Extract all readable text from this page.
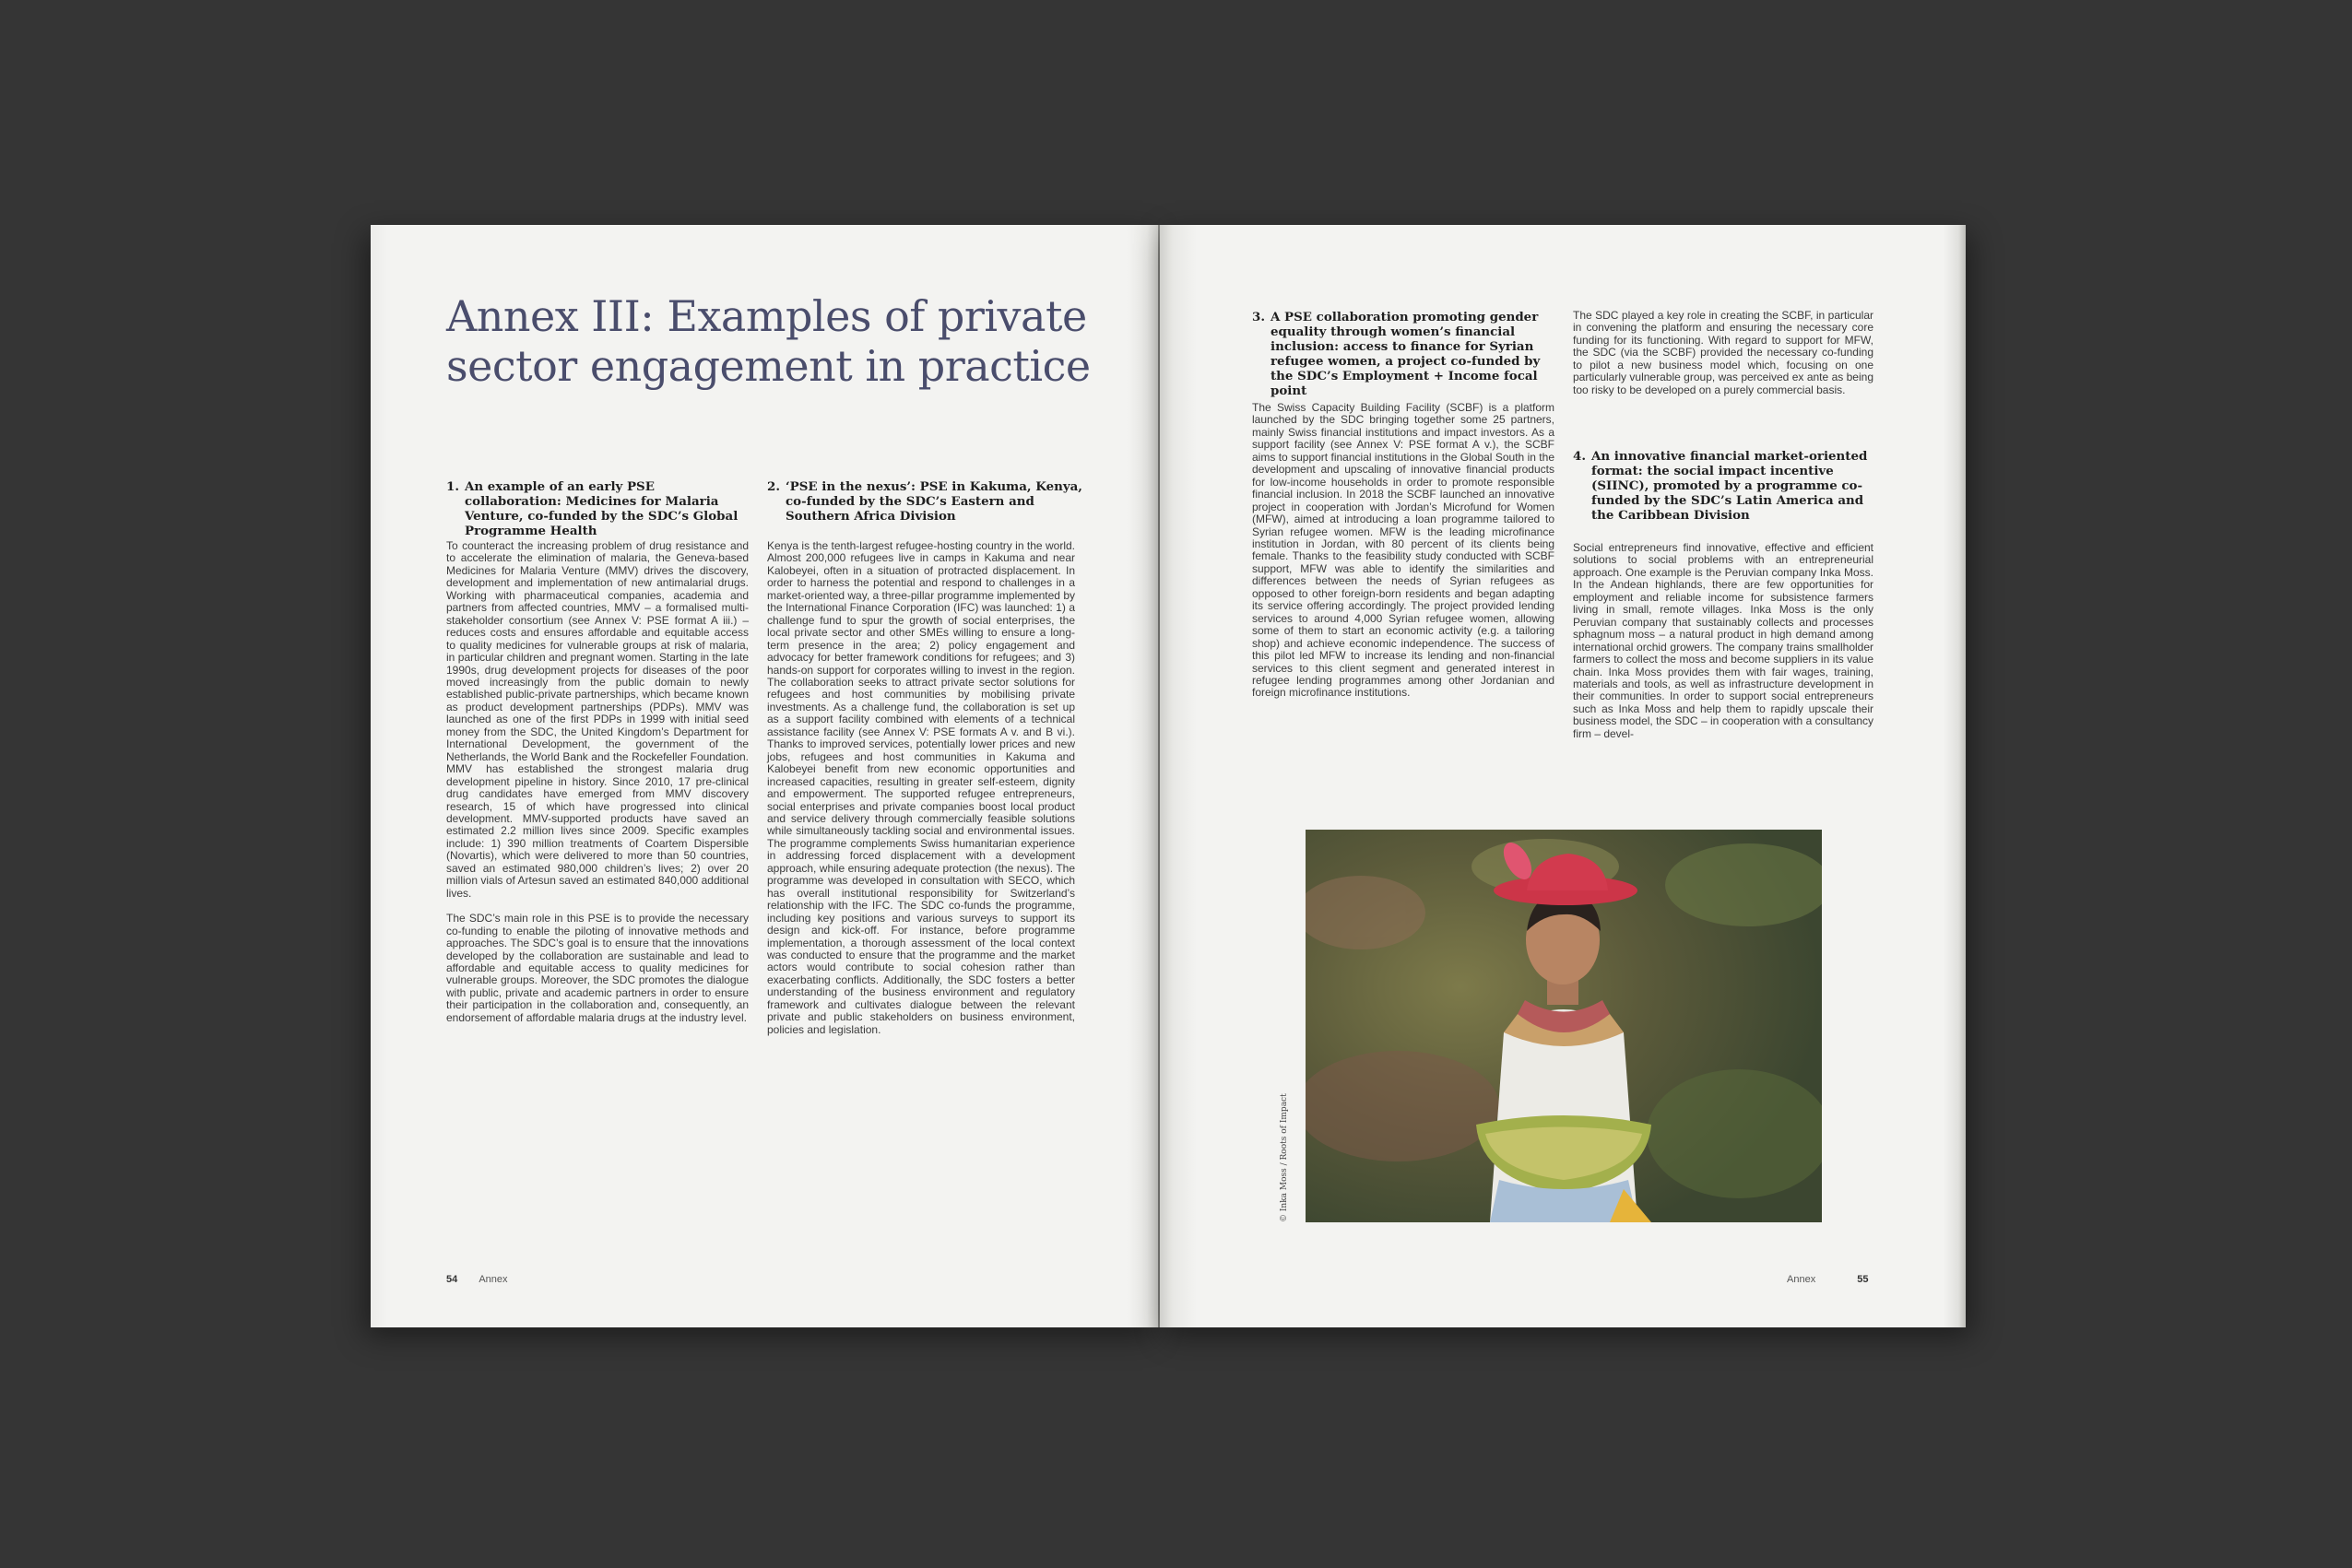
Annex III: Examples of private sector engagement in practice
1. An example of an early PSE collaboration: Medicines for Malaria Venture, co-funded by the SDC’s Global Programme Health

To counteract the increasing problem of drug resistance and to accelerate the elimination of malaria, the Geneva-based Medicines for Malaria Venture (MMV) drives the discovery, development and implementation of new antimalarial drugs. Working with pharmaceutical companies, academia and partners from affected countries, MMV – a formalised multi-stakeholder consortium (see Annex V: PSE format A iii.) – reduces costs and ensures affordable and equitable access to quality medicines for vulnerable groups at risk of malaria, in particular children and pregnant women. Starting in the late 1990s, drug development projects for diseases of the poor moved increasingly from the public domain to newly established public-private partnerships, which became known as product development partnerships (PDPs). MMV was launched as one of the first PDPs in 1999 with initial seed money from the SDC, the United Kingdom’s Department for International Development, the government of the Netherlands, the World Bank and the Rockefeller Foundation. MMV has established the strongest malaria drug development pipeline in history. Since 2010, 17 pre-clinical drug candidates have emerged from MMV discovery research, 15 of which have progressed into clinical development. MMV-supported products have saved an estimated 2.2 million lives since 2009. Specific examples include: 1) 390 million treatments of Coartem Dispersible (Novartis), which were delivered to more than 50 countries, saved an estimated 980,000 children’s lives; 2) over 20 million vials of Artesun saved an estimated 840,000 additional lives.

The SDC’s main role in this PSE is to provide the necessary co-funding to enable the piloting of innovative methods and approaches. The SDC’s goal is to ensure that the innovations developed by the collaboration are sustainable and lead to affordable and equitable access to quality medicines for vulnerable groups. Moreover, the SDC promotes the dialogue with public, private and academic partners in order to ensure their participation in the collaboration and, consequently, an endorsement of affordable malaria drugs at the industry level.

2. ‘PSE in the nexus’: PSE in Kakuma, Kenya, co-funded by the SDC’s Eastern and Southern Africa Division

Kenya is the tenth-largest refugee-hosting country in the world. Almost 200,000 refugees live in camps in Kakuma and near Kalobeyei, often in a situation of protracted displacement. In order to harness the potential and respond to challenges in a market-oriented way, a three-pillar programme implemented by the International Finance Corporation (IFC) was launched: 1) a challenge fund to spur the growth of social enterprises, the local private sector and other SMEs willing to ensure a long-term presence in the area; 2) policy engagement and advocacy for better framework conditions for refugees; and 3) hands-on support for corporates willing to invest in the region. The collaboration seeks to attract private sector solutions for refugees and host communities by mobilising private investments. As a challenge fund, the collaboration is set up as a support facility combined with elements of a technical assistance facility (see Annex V: PSE formats A v. and B vi.). Thanks to improved services, potentially lower prices and new jobs, refugees and host communities in Kakuma and Kalobeyei benefit from new economic opportunities and increased capacities, resulting in greater self-esteem, dignity and empowerment. The supported refugee entrepreneurs, social enterprises and private companies boost local product and service delivery through commercially feasible solutions while simultaneously tackling social and environmental issues. The programme complements Swiss humanitarian experience in addressing forced displacement with a development approach, while ensuring adequate protection (the nexus). The programme was developed in consultation with SECO, which has overall institutional responsibility for Switzerland’s relationship with the IFC. The SDC co-funds the programme, including key positions and various surveys to support its design and kick-off. For instance, before programme implementation, a thorough assessment of the local context was conducted to ensure that the programme and the market actors would contribute to social cohesion rather than exacerbating conflicts. Additionally, the SDC fosters a better understanding of the business environment and regulatory framework and cultivates dialogue between the relevant private and public stakeholders on business environment, policies and legislation.

54 Annex
3. A PSE collaboration promoting gender equality through women’s financial inclusion: access to finance for Syrian refugee women, a project co-funded by the SDC’s Employment + Income focal point

The Swiss Capacity Building Facility (SCBF) is a platform launched by the SDC bringing together some 25 partners, mainly Swiss financial institutions and impact investors. As a support facility (see Annex V: PSE format A v.), the SCBF aims to support financial institutions in the Global South in the development and upscaling of innovative financial products for low-income households in order to promote responsible financial inclusion. In 2018 the SCBF launched an innovative project in cooperation with Jordan’s Microfund for Women (MFW), aimed at introducing a loan programme tailored to Syrian refugee women. MFW is the leading microfinance institution in Jordan, with 80 percent of its clients being female. Thanks to the feasibility study conducted with SCBF support, MFW was able to identify the similarities and differences between the needs of Syrian refugees as opposed to other foreign-born residents and began adapting its service offering accordingly. The project provided lending services to around 4,000 Syrian refugee women, allowing some of them to start an economic activity (e.g. a tailoring shop) and achieve economic independence. The success of this pilot led MFW to increase its lending and non-financial services to this client segment and generated interest in refugee lending programmes among other Jordanian and foreign microfinance institutions.

The SDC played a key role in creating the SCBF, in particular in convening the platform and ensuring the necessary core funding for its functioning. With regard to support for MFW, the SDC (via the SCBF) provided the necessary co-funding to pilot a new business model which, focusing on one particularly vulnerable group, was perceived ex ante as being too risky to be developed on a purely commercial basis.

4. An innovative financial market-oriented format: the social impact incentive (SIINC), promoted by a programme co-funded by the SDC’s Latin America and the Caribbean Division

Social entrepreneurs find innovative, effective and efficient solutions to social problems with an entrepreneurial approach. One example is the Peruvian company Inka Moss. In the Andean highlands, there are few opportunities for employment and reliable income for subsistence farmers living in small, remote villages. Inka Moss is the only Peruvian company that sustainably collects and processes sphagnum moss – a natural product in high demand among international orchid growers. The company trains smallholder farmers to collect the moss and become suppliers in its value chain. Inka Moss provides them with fair wages, training, materials and tools, as well as infrastructure development in their communities. In order to support social entrepreneurs such as Inka Moss and help them to rapidly upscale their business model, the SDC – in cooperation with a consultancy firm – devel-

© Inka Moss / Roots of Impact
Annex	55
